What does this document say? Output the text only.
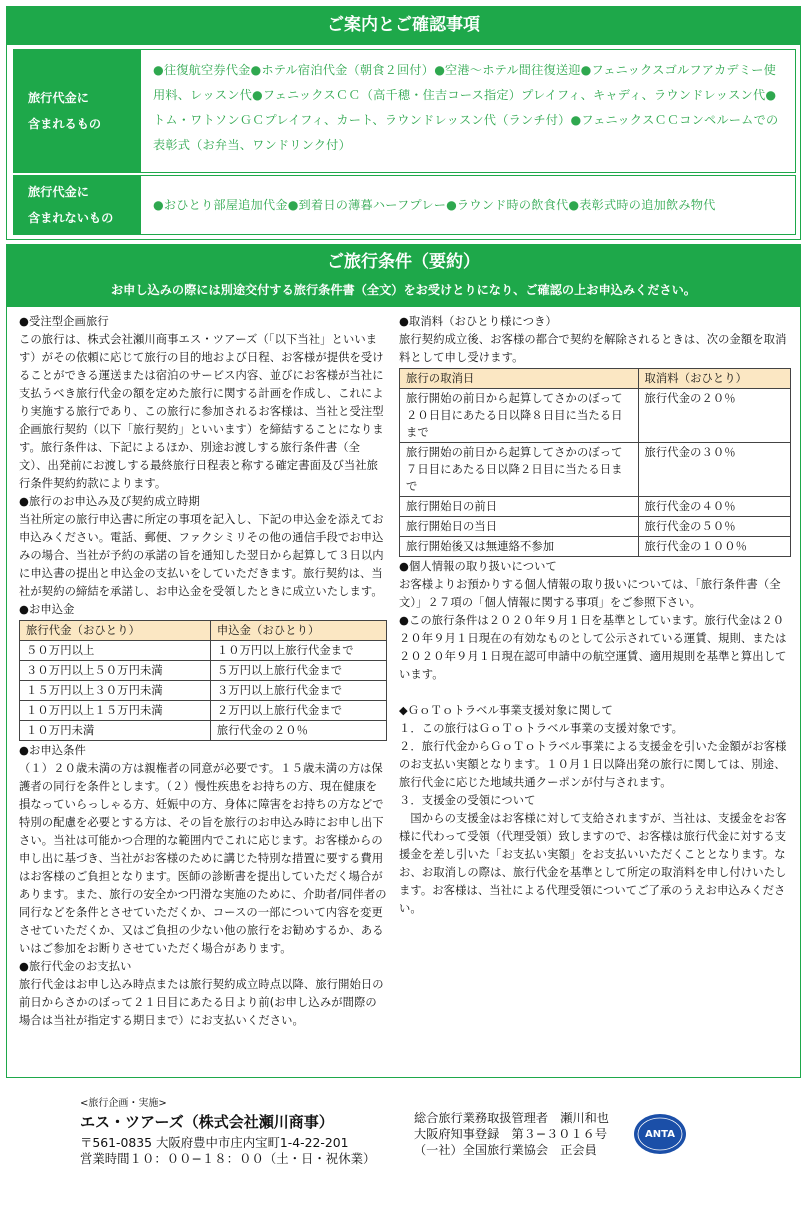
ご案内とご確認事項
旅行代金に
含まれるもの
●往復航空券代金●ホテル宿泊代金（朝食２回付）●空港～ホテル間往復送迎●フェニックスゴルフアカデミー使用料、レッスン代●フェニックスＣＣ（高千穂・住吉コース指定）プレイフィ、キャディ、ラウンドレッスン代●トム・ワトソンＧＣプレイフィ、カート、ラウンドレッスン代（ランチ付）●フェニックスＣＣコンペルームでの表彰式（お弁当、ワンドリンク付）
旅行代金に
含まれないもの
●おひとり部屋追加代金●到着日の薄暮ハーフプレー●ラウンド時の飲食代●表彰式時の追加飲み物代
ご旅行条件（要約）
お申し込みの際には別途交付する旅行条件書（全文）をお受けとりになり、ご確認の上お申込みください。

●受注型企画旅行

この旅行は、株式会社瀬川商事エス・ツアーズ（「以下当社」といいます）がその依頼に応じて旅行の目的地および日程、お客様が提供を受けることができる運送または宿泊のサービス内容、並びにお客様が当社に支払うべき旅行代金の額を定めた旅行に関する計画を作成し、これにより実施する旅行であり、この旅行に参加されるお客様は、当社と受注型企画旅行契約（以下「旅行契約」といいます）を締結することになります。旅行条件は、下記によるほか、別途お渡しする旅行条件書（全文）、出発前にお渡しする最終旅行日程表と称する確定書面及び当社旅行条件契約約款によります。

●旅行のお申込み及び契約成立時期

当社所定の旅行申込書に所定の事項を記入し、下記の申込金を添えてお申込みください。電話、郵便、ファクシミリその他の通信手段でお申込みの場合、当社が予約の承諾の旨を通知した翌日から起算して３日以内に申込書の提出と申込金の支払いをしていただきます。旅行契約は、当社が契約の締結を承諾し、お申込金を受領したときに成立いたします。

●お申込金

旅行代金（おひとり）	申込金（おひとり）
５０万円以上	１０万円以上旅行代金まで
３０万円以上５０万円未満	５万円以上旅行代金まで
１５万円以上３０万円未満	３万円以上旅行代金まで
１０万円以上１５万円未満	２万円以上旅行代金まで
１０万円未満	旅行代金の２０％

●お申込条件

（１）２０歳未満の方は親権者の同意が必要です。１５歳未満の方は保護者の同行を条件とします。（２）慢性疾患をお持ちの方、現在健康を損なっていらっしゃる方、妊娠中の方、身体に障害をお持ちの方などで特別の配慮を必要とする方は、その旨を旅行のお申込み時にお申し出下さい。当社は可能かつ合理的な範囲内でこれに応じます。お客様からの申し出に基づき、当社がお客様のために講じた特別な措置に要する費用はお客様のご負担となります。医師の診断書を提出していただく場合があります。また、旅行の安全かつ円滑な実施のために、介助者/同伴者の同行などを条件とさせていただくか、コースの一部について内容を変更させていただくか、又はご負担の少ない他の旅行をお勧めするか、あるいはご参加をお断りさせていただく場合があります。

●旅行代金のお支払い

旅行代金はお申し込み時点または旅行契約成立時点以降、旅行開始日の前日からさかのぼって２１日目にあたる日より前(お申し込みが間際の場合は当社が指定する期日まで）にお支払いください。

●取消料（おひとり様につき）

旅行契約成立後、お客様の都合で契約を解除されるときは、次の金額を取消料として申し受けます。

旅行の取消日	取消料（おひとり）
旅行開始の前日から起算してさかのぼって２０日目にあたる日以降８日目に当たる日まで	旅行代金の２０％
旅行開始の前日から起算してさかのぼって７日目にあたる日以降２日目に当たる日まで	旅行代金の３０％
旅行開始日の前日	旅行代金の４０％
旅行開始日の当日	旅行代金の５０％
旅行開始後又は無連絡不参加	旅行代金の１００％

●個人情報の取り扱いについて

お客様よりお預かりする個人情報の取り扱いについては、「旅行条件書（全文）」２７項の「個人情報に関する事項」をご参照下さい。

●この旅行条件は２０２０年９月１日を基準としています。旅行代金は２０２０年９月１日現在の有効なものとして公示されている運賃、規則、または２０２０年９月１日現在認可申請中の航空運賃、適用規則を基準と算出しています。

◆ＧｏＴｏトラベル事業支援対象に関して

１．この旅行はＧｏＴｏトラベル事業の支援対象です。

２．旅行代金からＧｏＴｏトラベル事業による支援金を引いた金額がお客様のお支払い実額となります。１０月１日以降出発の旅行に関しては、別途、旅行代金に応じた地域共通クーポンが付与されます。

３．支援金の受領について

　国からの支援金はお客様に対して支給されますが、当社は、支援金をお客様に代わって受領（代理受領）致しますので、お客様は旅行代金に対する支援金を差し引いた「お支払い実額」をお支払いいただくこととなります。なお、お取消しの際は、旅行代金を基準として所定の取消料を申し付けいたします。お客様は、当社による代理受領についてご了承のうえお申込みください。

<旅行企画・実施>
エス・ツアーズ（株式会社瀬川商事）
〒561-0835 大阪府豊中市庄内宝町1-4-22-201
営業時間１０：００−１８：００（土・日・祝休業）
総合旅行業務取扱管理者　瀬川和也
大阪府知事登録　第３−３０１６号
（一社）全国旅行業協会　正会員
ANTA
